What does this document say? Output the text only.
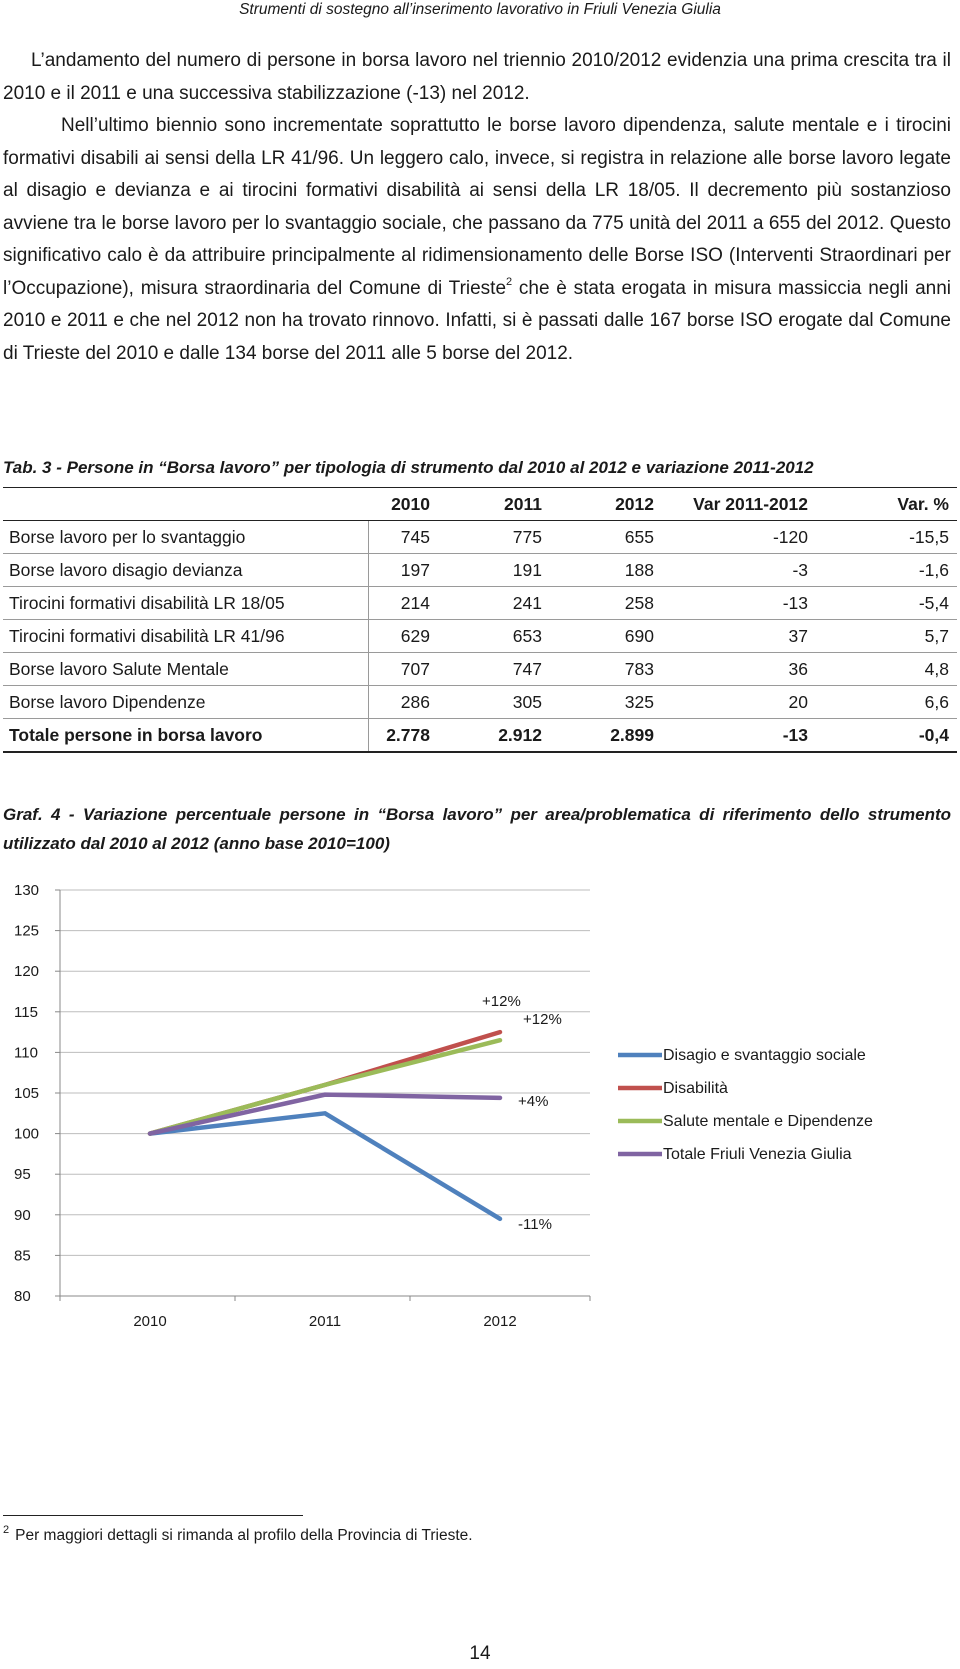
Strumenti di sostegno all’inserimento lavorativo in Friuli Venezia Giulia

L’andamento del numero di persone in borsa lavoro nel triennio 2010/2012 evidenzia una prima crescita tra il 2010 e il 2011 e una successiva stabilizzazione (-13) nel 2012.

Nell’ultimo biennio sono incrementate soprattutto le borse lavoro dipendenza, salute mentale e i tirocini formativi disabili ai sensi della LR 41/96. Un leggero calo, invece, si registra in relazione alle borse lavoro legate al disagio e devianza e ai tirocini formativi disabilità ai sensi della LR 18/05. Il decremento più sostanzioso avviene tra le borse lavoro per lo svantaggio sociale, che passano da 775 unità del 2011 a 655 del 2012. Questo significativo calo è da attribuire principalmente al ridimensionamento delle Borse ISO (Interventi Straordinari per l’Occupazione), misura straordinaria del Comune di Trieste$^2$ che è stata erogata in misura massiccia negli anni 2010 e 2011 e che nel 2012 non ha trovato rinnovo. Infatti, si è passati dalle 167 borse ISO erogate dal Comune di Trieste del 2010 e dalle 134 borse del 2011 alle 5 borse del 2012.

Tab. 3 - Persone in “Borsa lavoro” per tipologia di strumento dal 2010 al 2012 e variazione 2011-2012
	2010	2011	2012	Var 2011-2012	Var. %
Borse lavoro per lo svantaggio	745	775	655	-120	-15,5
Borse lavoro disagio devianza	197	191	188	-3	-1,6
Tirocini formativi disabilità LR 18/05	214	241	258	-13	-5,4
Tirocini formativi disabilità LR 41/96	629	653	690	37	5,7
Borse lavoro Salute Mentale	707	747	783	36	4,8
Borse lavoro Dipendenze	286	305	325	20	6,6
Totale persone in borsa lavoro	2.778	2.912	2.899	-13	-0,4
Graf. 4 - Variazione percentuale persone in “Borsa lavoro” per area/problematica di riferimento dello strumento utilizzato dal 2010 al 2012 (anno base 2010=100)
80
85
90
95
100
105
110
115
120
125
130
2010	2011	2012
-11%
+12%
+12%
+4%
Disagio e svantaggio sociale
Disabilità
Salute mentale e Dipendenze
Totale Friuli Venezia Giulia
$^2$ Per maggiori dettagli si rimanda al profilo della Provincia di Trieste.
14
